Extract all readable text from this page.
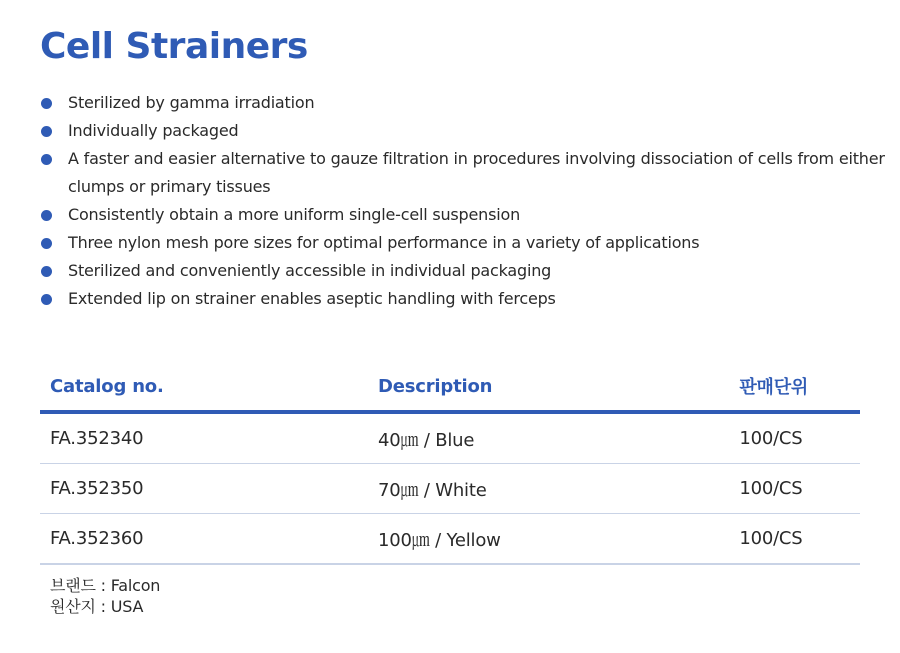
Cell Strainers
Sterilized by gamma irradiation
Individually packaged
A faster and easier alternative to gauze filtration in procedures involving dissociation of cells from either clumps or primary tissues
Consistently obtain a more uniform single-cell suspension
Three nylon mesh pore sizes for optimal performance in a variety of applications
Sterilized and conveniently accessible in individual packaging
Extended lip on strainer enables aseptic handling with ferceps
Catalog no.	Description	판매단위
FA.352340	40㎛ / Blue	100/CS
FA.352350	70㎛ / White	100/CS
FA.352360	100㎛ / Yellow	100/CS
브랜드 : Falcon
원산지 : USA
